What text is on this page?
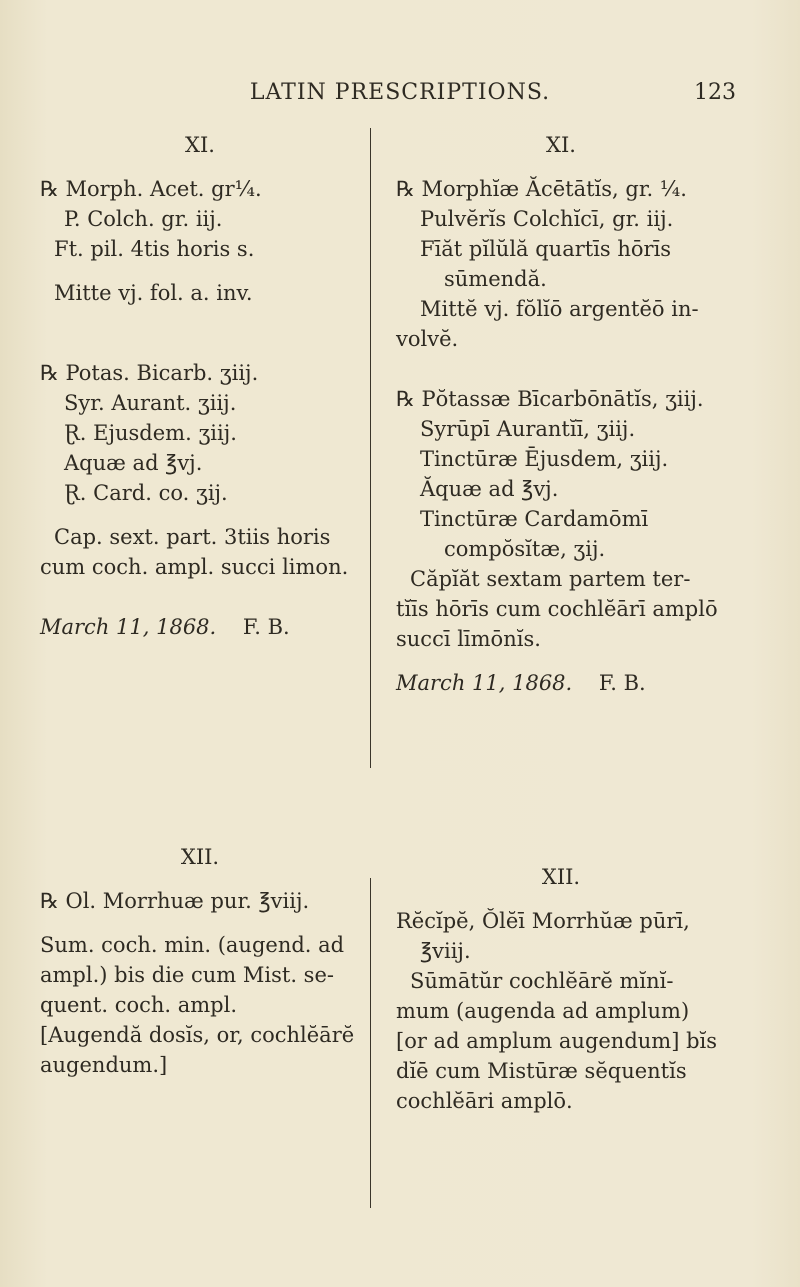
LATIN PRESCRIPTIONS.	123
XI.
℞ Morph. Acet. gr¼.
P. Colch. gr. iij.
Ft. pil. 4tis horis s.
Mitte vj. fol. a. inv.
℞ Potas. Bicarb. ʒiij.
Syr. Aurant. ʒiij.
Ɽ. Ejusdem. ʒiij.
Aquæ ad ℥vj.
Ɽ. Card. co. ʒij.
Cap. sext. part. 3tiis horis
cum coch. ampl. succi limon.
March 11, 1868. F. B.
XII.
℞ Ol. Morrhuæ pur. ℥viij.
Sum. coch. min. (augend. ad
ampl.) bis die cum Mist. se-
quent. coch. ampl.
[Augendă dosĭs, or, cochlĕārĕ
augendum.]
XI.
℞ Morphĭæ Ăcētātĭs, gr. ¼.
Pulvĕrĭs Colchĭcī, gr. iij.
Fīăt pĭlŭlă quartīs hōrīs
sūmendă.
Mittĕ vj. fŏlĭō argentĕō in-
volvĕ.
℞ Pŏtassæ Bīcarbōnātĭs, ʒiij.
Syrūpī Aurantĭī, ʒiij.
Tinctūræ Ējusdem, ʒiij.
Ăquæ ad ℥vj.
Tinctūræ Cardamōmī
compŏsĭtæ, ʒij.
Căpĭăt sextam partem ter-
tĭīs hōrīs cum cochlĕārī amplō
succī līmōnĭs.
March 11, 1868. F. B.
XII.
Rĕcĭpĕ, Ŏlĕī Morrhŭæ pūrī,
℥viij.
Sūmātŭr cochlĕārĕ mĭnĭ-
mum (augenda ad amplum)
[or ad amplum augendum] bĭs
dĭē cum Mistūræ sĕquentĭs
cochlĕāri amplō.
